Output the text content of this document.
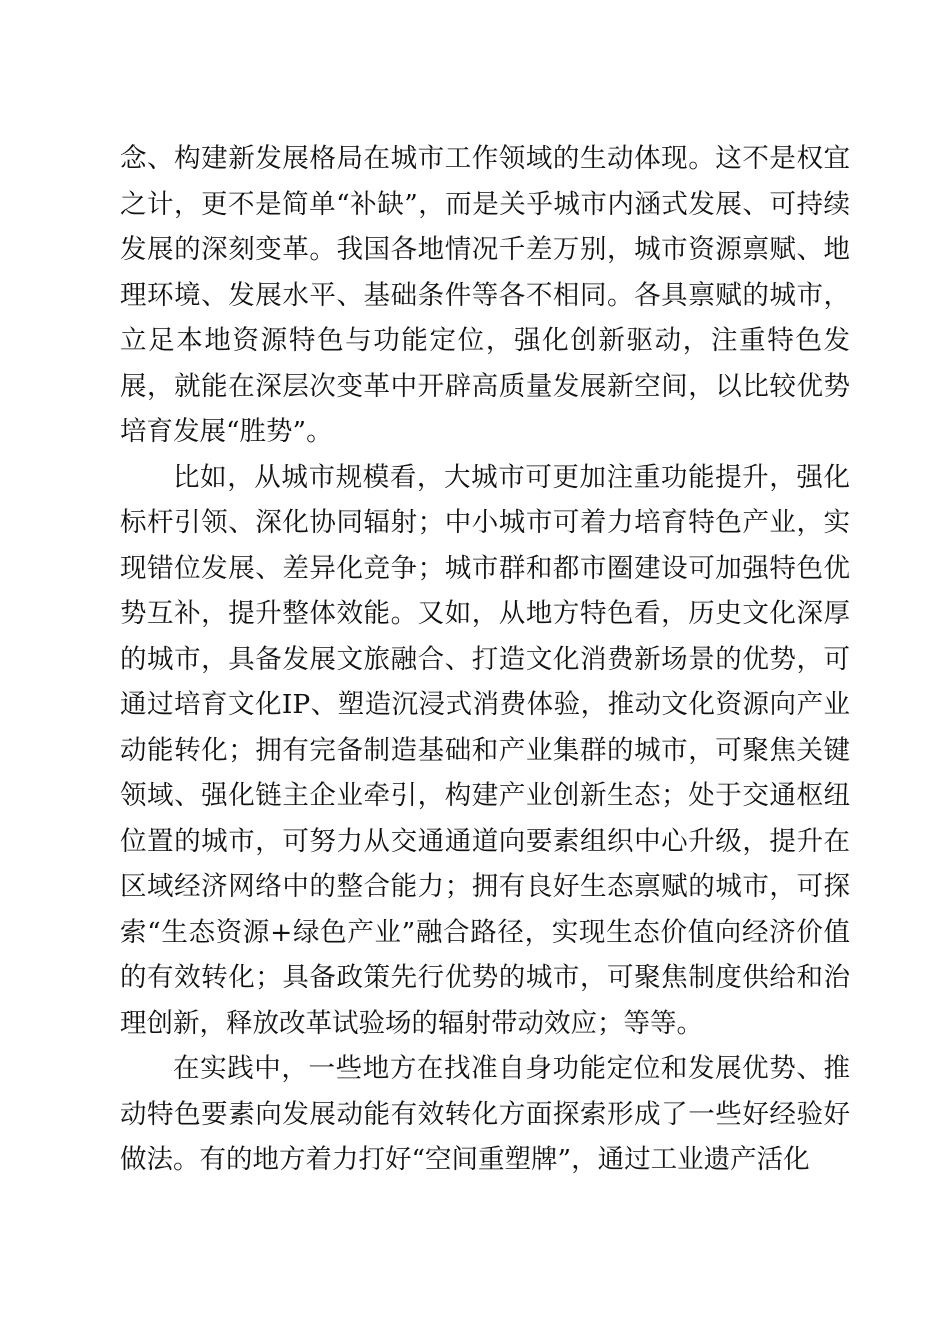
念、构建新发展格局在城市工作领域的生动体现。这不是权宜之计，更不是简单“补缺”，而是关乎城市内涵式发展、可持续发展的深刻变革。我国各地情况千差万别，城市资源禀赋、地理环境、发展水平、基础条件等各不相同。各具禀赋的城市，立足本地资源特色与功能定位，强化创新驱动，注重特色发展，就能在深层次变革中开辟高质量发展新空间，以比较优势培育发展“胜势”。

比如，从城市规模看，大城市可更加注重功能提升，强化标杆引领、深化协同辐射；中小城市可着力培育特色产业，实现错位发展、差异化竞争；城市群和都市圈建设可加强特色优势互补，提升整体效能。又如，从地方特色看，历史文化深厚的城市，具备发展文旅融合、打造文化消费新场景的优势，可通过培育文化IP、塑造沉浸式消费体验，推动文化资源向产业动能转化；拥有完备制造基础和产业集群的城市，可聚焦关键领域、强化链主企业牵引，构建产业创新生态；处于交通枢纽位置的城市，可努力从交通通道向要素组织中心升级，提升在区域经济网络中的整合能力；拥有良好生态禀赋的城市，可探索“生态资源+绿色产业”融合路径，实现生态价值向经济价值的有效转化；具备政策先行优势的城市，可聚焦制度供给和治理创新，释放改革试验场的辐射带动效应；等等。

在实践中，一些地方在找准自身功能定位和发展优势、推动特色要素向发展动能有效转化方面探索形成了一些好经验好做法。有的地方着力打好“空间重塑牌”，通过工业遗产活化
